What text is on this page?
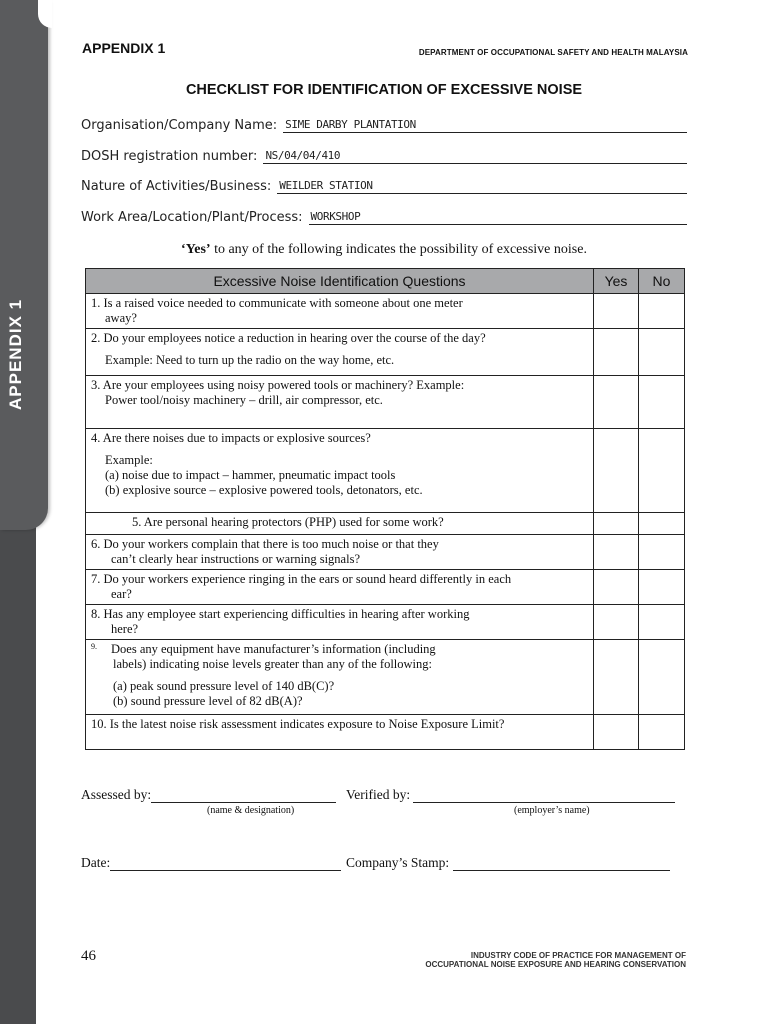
APPENDIX 1
APPENDIX 1	DEPARTMENT OF OCCUPATIONAL SAFETY AND HEALTH MALAYSIA
CHECKLIST FOR IDENTIFICATION OF EXCESSIVE NOISE
Organisation/Company Name: SIME DARBY PLANTATION
DOSH registration number: NS/04/04/410
Nature of Activities/Business: WEILDER STATION
Work Area/Location/Plant/Process: WORKSHOP
‘Yes’ to any of the following indicates the possibility of excessive noise.
Excessive Noise Identification Questions	Yes	No

1. Is a raised voice needed to communicate with someone about one meter
away?		

2. Do your employees notice a reduction in hearing over the course of the day?
Example: Need to turn up the radio on the way home, etc.		

3. Are your employees using noisy powered tools or machinery? Example:
Power tool/noisy machinery – drill, air compressor, etc.		

4. Are there noises due to impacts or explosive sources?
Example:
(a) noise due to impact – hammer, pneumatic impact tools
(b) explosive source – explosive powered tools, detonators, etc.		

5. Are personal hearing protectors (PHP) used for some work?		

6. Do your workers complain that there is too much noise or that they
can’t clearly hear instructions or warning signals?		

7. Do your workers experience ringing in the ears or sound heard differently in each
ear?		

8. Has any employee start experiencing difficulties in hearing after working
here?		

9. Does any equipment have manufacturer’s information (including
labels) indicating noise levels greater than any of the following:
(a) peak sound pressure level of 140 dB(C)?
(b) sound pressure level of 82 dB(A)?		

10. Is the latest noise risk assessment indicates exposure to Noise Exposure Limit?		

Assessed by:
(name & designation)
Verified by:
(employer’s name)
Date:	Company’s Stamp:
46	INDUSTRY CODE OF PRACTICE FOR MANAGEMENT OF
OCCUPATIONAL NOISE EXPOSURE AND HEARING CONSERVATION
